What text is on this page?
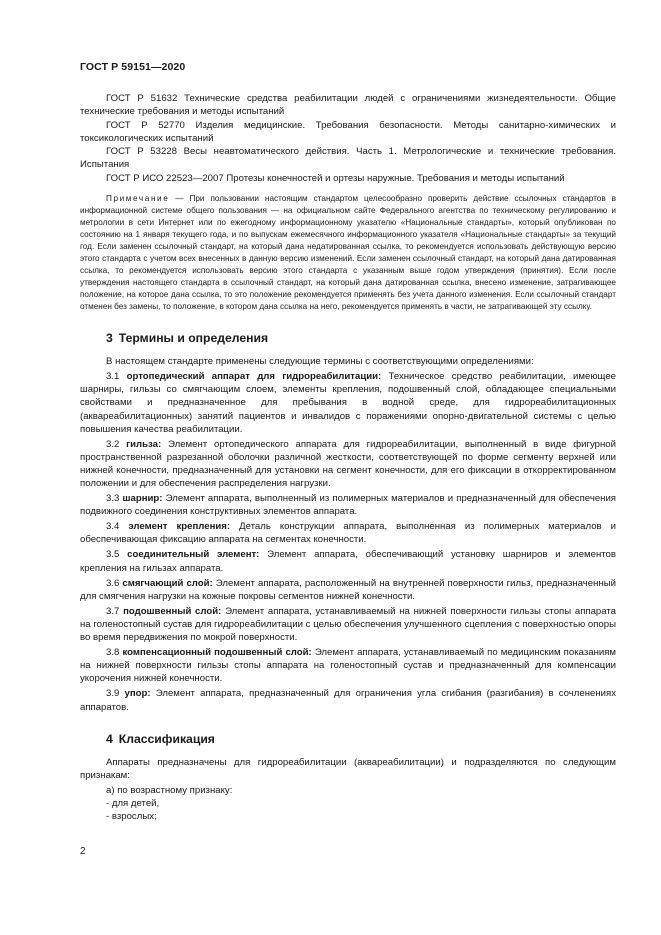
ГОСТ Р 59151—2020

ГОСТ Р 51632 Технические средства реабилитации людей с ограничениями жизнедеятельности. Общие технические требования и методы испытаний

ГОСТ Р 52770 Изделия медицинские. Требования безопасности. Методы санитарно-химических и токсикологических испытаний

ГОСТ Р 53228 Весы неавтоматического действия. Часть 1. Метрологические и технические требования. Испытания

ГОСТ Р ИСО 22523—2007 Протезы конечностей и ортезы наружные. Требования и методы испытаний

Примечание — При пользовании настоящим стандартом целесообразно проверить действие ссылочных стандартов в информационной системе общего пользования — на официальном сайте Федерального агентства по техническому регулированию и метрологии в сети Интернет или по ежегодному информационному указателю «Национальные стандарты», который опубликован по состоянию на 1 января текущего года, и по выпускам ежемесячного информационного указателя «Национальные стандарты» за текущий год. Если заменен ссылочный стандарт, на который дана недатированная ссылка, то рекомендуется использовать действующую версию этого стандарта с учетом всех внесенных в данную версию изменений. Если заменен ссылочный стандарт, на который дана датированная ссылка, то рекомендуется использовать версию этого стандарта с указанным выше годом утверждения (принятия). Если после утверждения настоящего стандарта в ссылочный стандарт, на который дана датированная ссылка, внесено изменение, затрагивающее положение, на которое дана ссылка, то это положение рекомендуется применять без учета данного изменения. Если ссылочный стандарт отменен без замены, то положение, в котором дана ссылка на него, рекомендуется применять в части, не затрагивающей эту ссылку.

3 Термины и определения

В настоящем стандарте применены следующие термины с соответствующими определениями:

3.1 ортопедический аппарат для гидрореабилитации: Техническое средство реабилитации, имеющее шарниры, гильзы со смягчающим слоем, элементы крепления, подошвенный слой, обладающее специальными свойствами и предназначенное для пребывания в водной среде, для гидрореабилитационных (аквареабилитационных) занятий пациентов и инвалидов с поражениями опорно-двигательной системы с целью повышения качества реабилитации.

3.2 гильза: Элемент ортопедического аппарата для гидрореабилитации, выполненный в виде фигурной пространственной разрезанной оболочки различной жесткости, соответствующей по форме сегменту верхней или нижней конечности, предназначенный для установки на сегмент конечности, для его фиксации в откорректированном положении и для обеспечения распределения нагрузки.

3.3 шарнир: Элемент аппарата, выполненный из полимерных материалов и предназначенный для обеспечения подвижного соединения конструктивных элементов аппарата.

3.4 элемент крепления: Деталь конструкции аппарата, выполненная из полимерных материалов и обеспечивающая фиксацию аппарата на сегментах конечности.

3.5 соединительный элемент: Элемент аппарата, обеспечивающий установку шарниров и элементов крепления на гильзах аппарата.

3.6 смягчающий слой: Элемент аппарата, расположенный на внутренней поверхности гильз, предназначенный для смягчения нагрузки на кожные покровы сегментов нижней конечности.

3.7 подошвенный слой: Элемент аппарата, устанавливаемый на нижней поверхности гильзы стопы аппарата на голеностопный сустав для гидрореабилитации с целью обеспечения улучшенного сцепления с поверхностью опоры во время передвижения по мокрой поверхности.

3.8 компенсационный подошвенный слой: Элемент аппарата, устанавливаемый по медицинским показаниям на нижней поверхности гильзы стопы аппарата на голеностопный сустав и предназначенный для компенсации укорочения нижней конечности.

3.9 упор: Элемент аппарата, предназначенный для ограничения угла сгибания (разгибания) в сочленениях аппаратов.

4 Классификация

Аппараты предназначены для гидрореабилитации (аквареабилитации) и подразделяются по следующим признакам:

а) по возрастному признаку:

- для детей,

- взрослых;

2
